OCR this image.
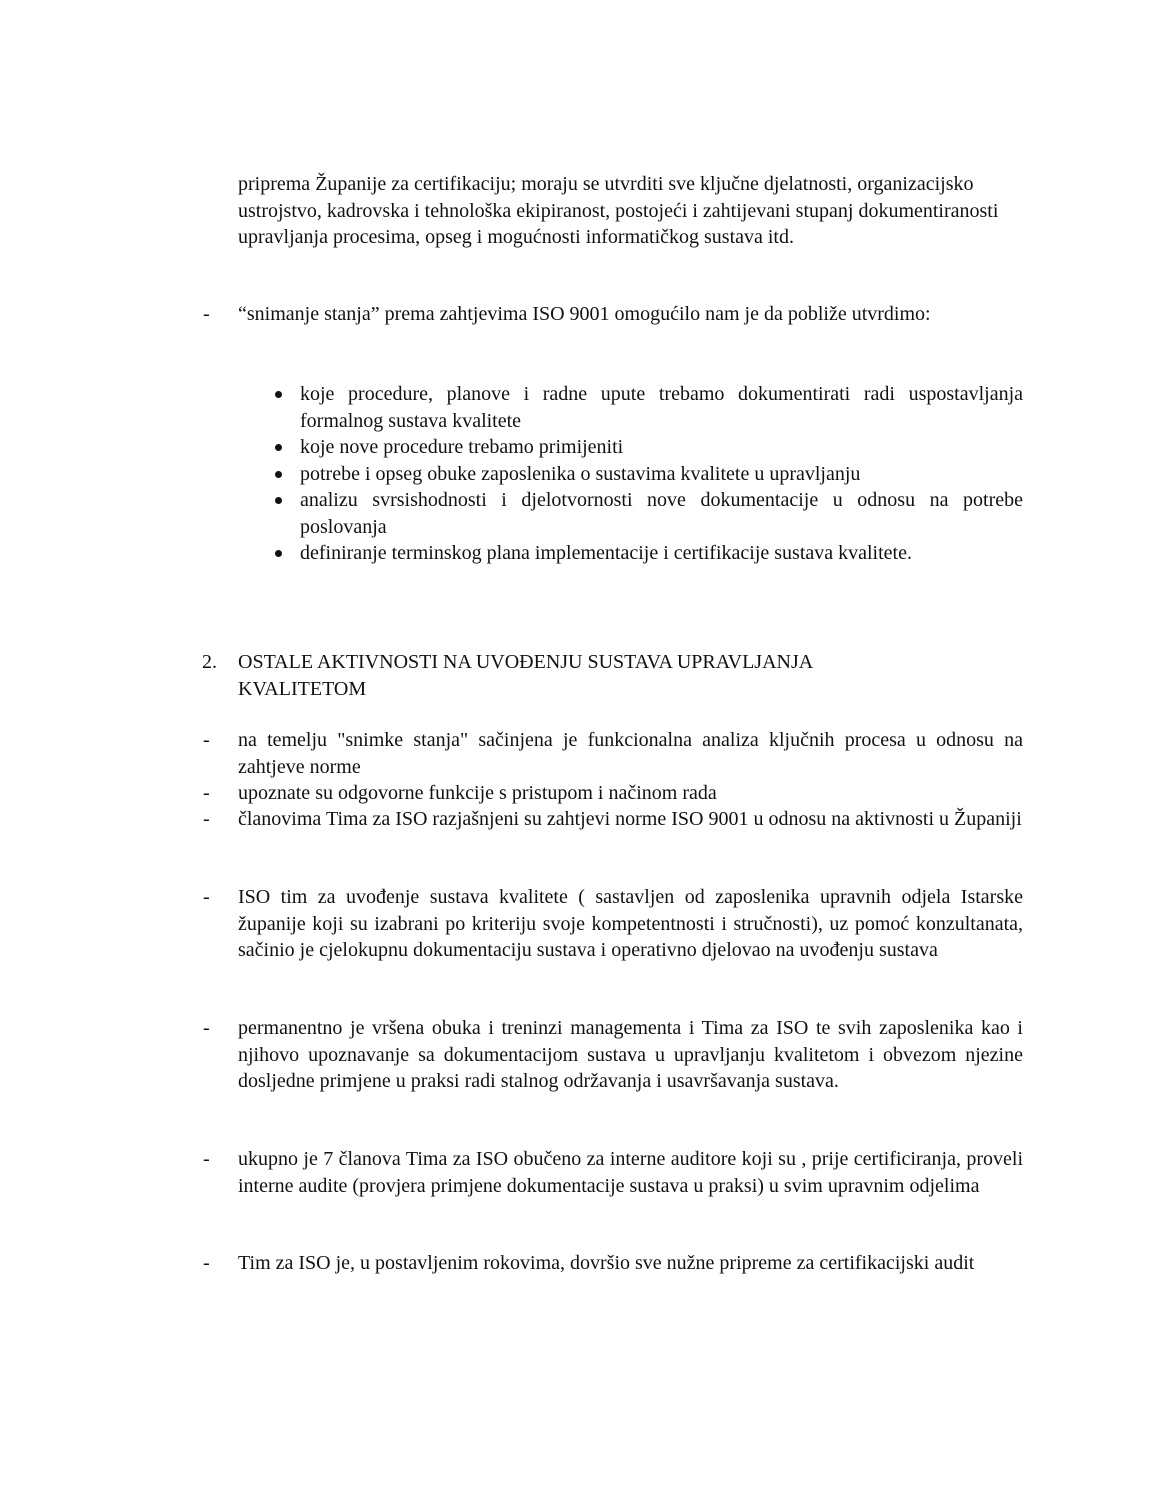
priprema Županije za certifikaciju; moraju se utvrditi sve ključne djelatnosti, organizacijsko ustrojstvo, kadrovska i tehnološka ekipiranost, postojeći i zahtijevani stupanj dokumentiranosti upravljanja procesima, opseg i mogućnosti informatičkog sustava itd.

- “snimanje stanja” prema zahtjevima ISO 9001 omogućilo nam je da pobliže utvrdimo:
koje procedure, planove i radne upute trebamo dokumentirati radi uspostavljanja formalnog sustava kvalitete
koje nove procedure trebamo primijeniti
potrebe i opseg obuke zaposlenika o sustavima kvalitete u upravljanju
analizu svrsishodnosti i djelotvornosti nove dokumentacije u odnosu na potrebe poslovanja
definiranje terminskog plana implementacije i certifikacije sustava kvalitete.
2. OSTALE AKTIVNOSTI NA UVOĐENJU SUSTAVA UPRAVLJANJA KVALITETOM
- na temelju "snimke stanja" sačinjena je funkcionalna analiza ključnih procesa u odnosu na zahtjeve norme
- upoznate su odgovorne funkcije s pristupom i načinom rada
- članovima Tima za ISO razjašnjeni su zahtjevi norme ISO 9001 u odnosu na aktivnosti u Županiji
- ISO tim za uvođenje sustava kvalitete ( sastavljen od zaposlenika upravnih odjela Istarske županije koji su izabrani po kriteriju svoje kompetentnosti i stručnosti), uz pomoć konzultanata, sačinio je cjelokupnu dokumentaciju sustava i operativno djelovao na uvođenju sustava
- permanentno je vršena obuka i treninzi managementa i Tima za ISO te svih zaposlenika kao i njihovo upoznavanje sa dokumentacijom sustava u upravljanju kvalitetom i obvezom njezine dosljedne primjene u praksi radi stalnog održavanja i usavršavanja sustava.
- ukupno je 7 članova Tima za ISO obučeno za interne auditore koji su , prije certificiranja, proveli interne audite (provjera primjene dokumentacije sustava u praksi) u svim upravnim odjelima
- Tim za ISO je, u postavljenim rokovima, dovršio sve nužne pripreme za certifikacijski audit
